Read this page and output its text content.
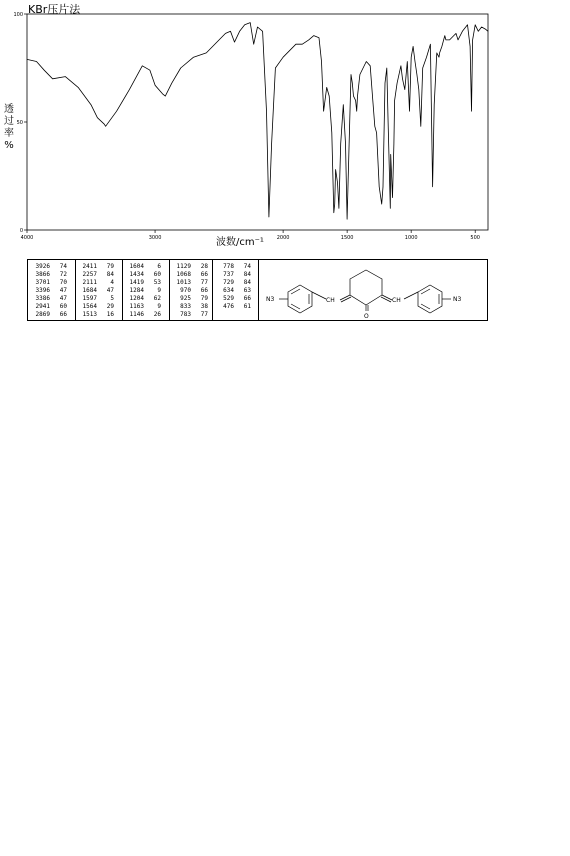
KBr压片法
透
过
率
%
4000	3000	2000	1500	1000	500
0
50
100
波数/cm⁻¹
3926	74
3866	72
3701	70
3396	47
3386	47
2941	60
2869	66
2411	79
2257	84
2111	4
1684	47
1597	5
1564	29
1513	16
1604	6
1434	60
1419	53
1284	9
1204	62
1163	9
1146	26
1129	28
1068	66
1013	77
970	66
925	79
833	38
783	77
778	74
737	84
729	84
634	63
529	66
476	61
N3	CH
O
CH	N3
